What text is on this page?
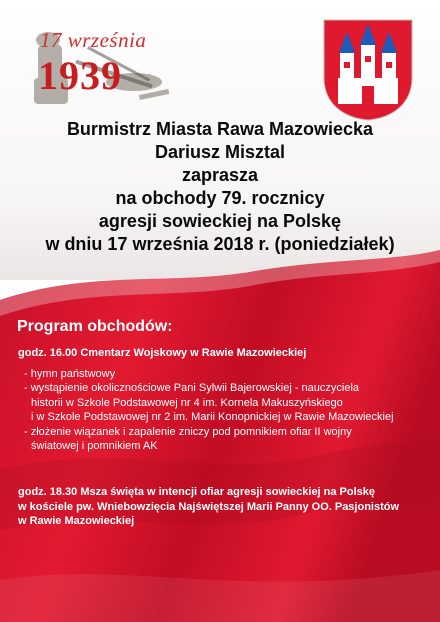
17 września
1939
Burmistrz Miasta Rawa Mazowiecka
Dariusz Misztal
zaprasza
na obchody 79. rocznicy
agresji sowieckiej na Polskę
w dniu 17 września 2018 r. (poniedziałek)
Program obchodów:
godz. 16.00 Cmentarz Wojskowy w Rawie Mazowieckiej
- hymn państwowy
- wystąpienie okolicznościowe Pani Sylwii Bajerowskiej - nauczyciela
historii w Szkole Podstawowej nr 4 im. Kornela Makuszyńskiego
i w Szkole Podstawowej nr 2 im. Marii Konopnickiej w Rawie Mazowieckiej
- złożenie wiązanek i zapalenie zniczy pod pomnikiem ofiar II wojny
światowej i pomnikiem AK
godz. 18.30 Msza święta w intencji ofiar agresji sowieckiej na Polskę
w kościele pw. Wniebowzięcia Najświętszej Marii Panny OO. Pasjonistów
w Rawie Mazowieckiej
